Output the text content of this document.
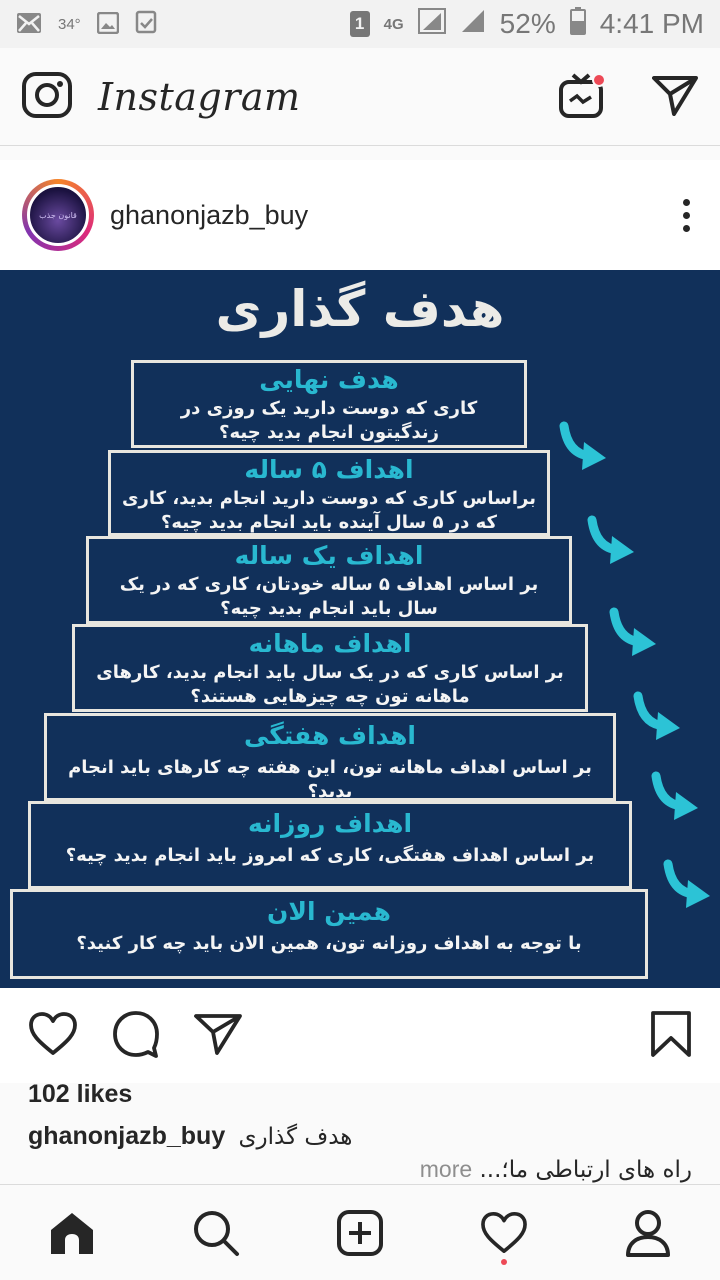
34°	1	4G	52% 4:41 PM
Instagram
قانون جذب	ghanonjazb_buy
هدف گذاری
هدف نهایی
کاری که دوست دارید یک روزی در زندگیتون انجام بدید چیه؟
اهداف ۵ ساله
براساس کاری که دوست دارید انجام بدید، کاری که در ۵ سال آینده باید انجام بدید چیه؟
اهداف یک ساله
بر اساس اهداف ۵ ساله خودتان، کاری که در یک سال باید انجام بدید چیه؟
اهداف ماهانه
بر اساس کاری که در یک سال باید انجام بدید، کارهای ماهانه تون چه چیزهایی هستند؟
اهداف هفتگی
بر اساس اهداف ماهانه تون، این هفته چه کارهای باید انجام بدید؟
اهداف روزانه
بر اساس اهداف هفتگی، کاری که امروز باید انجام بدید چیه؟
همین الان
با توجه به اهداف روزانه تون، همین الان باید چه کار کنید؟
102 likes
ghanonjazb_buy هدف گذاری
راه های ارتباطی ما؛... more
